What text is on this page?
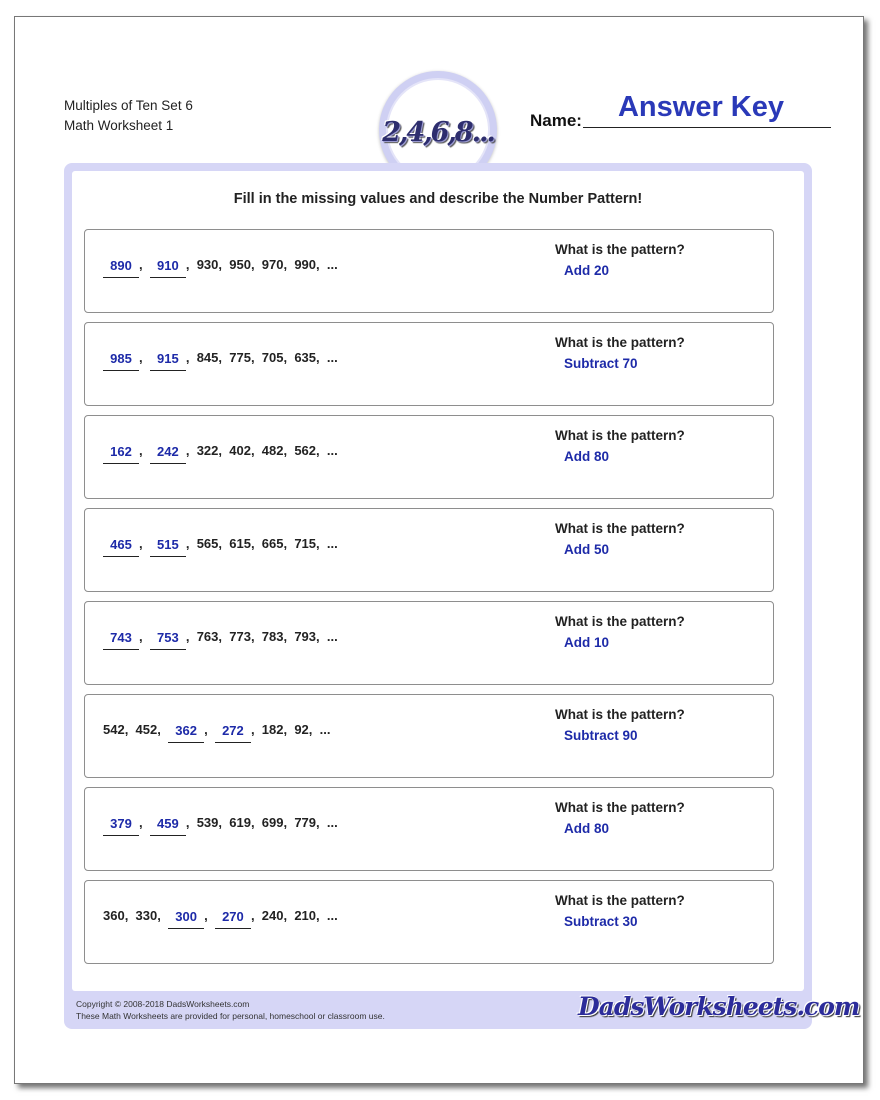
Multiples of Ten Set 6
Math Worksheet 1	2,4,6,8... Name:	Answer Key
Fill in the missing values and describe the Number Pattern!
890 , 910 , 930 , 950 , 970 , 990 , ...
What is the pattern?
Add 20
985 , 915 , 845 , 775 , 705 , 635 , ...
What is the pattern?
Subtract 70
162 , 242 , 322 , 402 , 482 , 562 , ...
What is the pattern?
Add 80
465 , 515 , 565 , 615 , 665 , 715 , ...
What is the pattern?
Add 50
743 , 753 , 763 , 773 , 783 , 793 , ...
What is the pattern?
Add 10
542 , 452 , 362 , 272 , 182 , 92 , ...
What is the pattern?
Subtract 90
379 , 459 , 539 , 619 , 699 , 779 , ...
What is the pattern?
Add 80
360 , 330 , 300 , 270 , 240 , 210 , ...
What is the pattern?
Subtract 30
Copyright © 2008-2018 DadsWorksheets.com
These Math Worksheets are provided for personal, homeschool or classroom use.	DadsWorksheets.com
